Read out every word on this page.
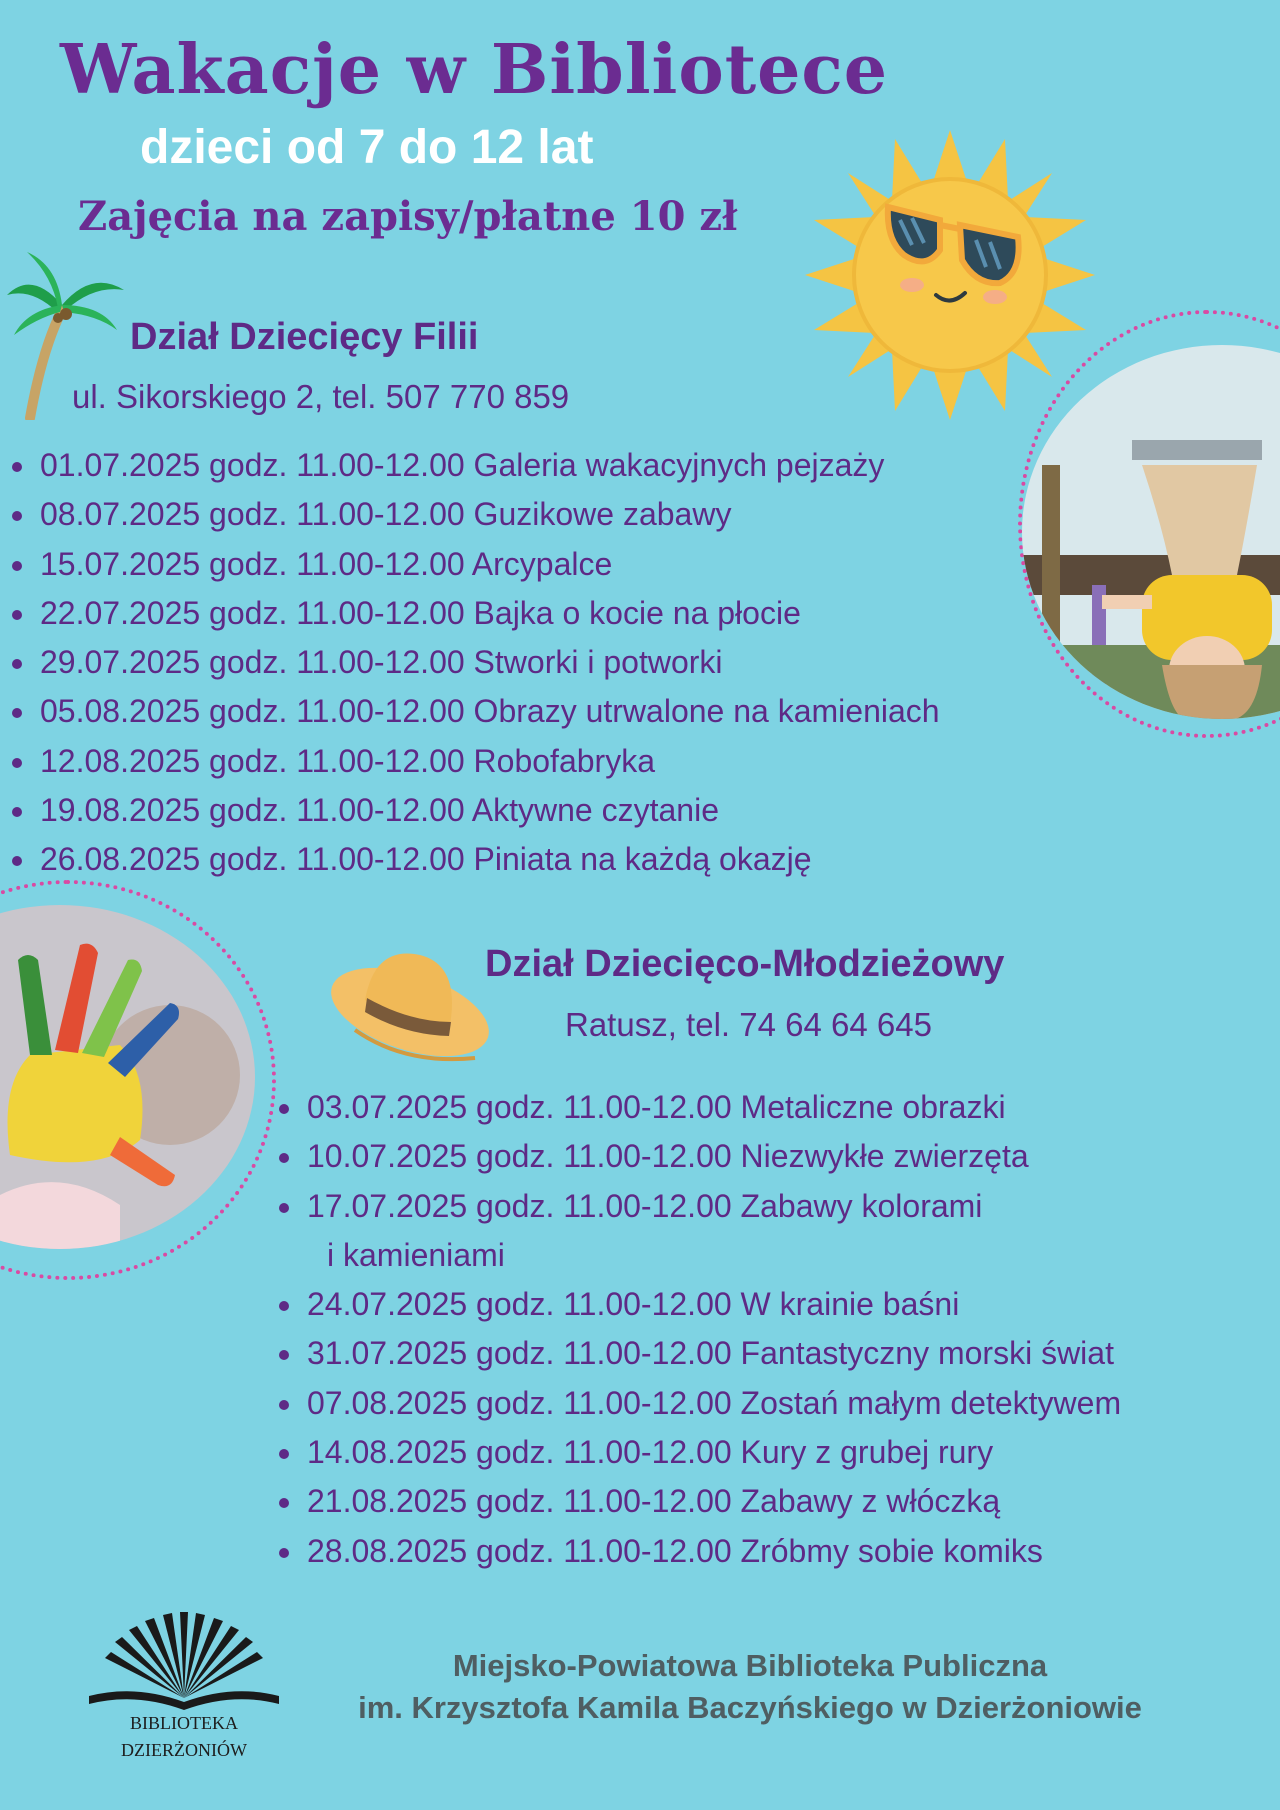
Wakacje w Bibliotece
dzieci od 7 do 12 lat
Zajęcia na zapisy/płatne 10 zł
Dział Dziecięcy Filii
ul. Sikorskiego 2, tel. 507 770 859
01.07.2025 godz. 11.00-12.00 Galeria wakacyjnych pejzaży
08.07.2025 godz. 11.00-12.00 Guzikowe zabawy
15.07.2025 godz. 11.00-12.00 Arcypalce
22.07.2025 godz. 11.00-12.00 Bajka o kocie na płocie
29.07.2025 godz. 11.00-12.00 Stworki i potworki
05.08.2025 godz. 11.00-12.00 Obrazy utrwalone na kamieniach
12.08.2025 godz. 11.00-12.00 Robofabryka
19.08.2025 godz. 11.00-12.00 Aktywne czytanie
26.08.2025 godz. 11.00-12.00 Piniata na każdą okazję
Dział Dziecięco-Młodzieżowy
Ratusz, tel. 74 64 64 645
03.07.2025 godz. 11.00-12.00 Metaliczne obrazki
10.07.2025 godz. 11.00-12.00 Niezwykłe zwierzęta
17.07.2025 godz. 11.00-12.00 Zabawy kolorami
i kamieniami
24.07.2025 godz. 11.00-12.00 W krainie baśni
31.07.2025 godz. 11.00-12.00 Fantastyczny morski świat
07.08.2025 godz. 11.00-12.00 Zostań małym detektywem
14.08.2025 godz. 11.00-12.00 Kury z grubej rury
21.08.2025 godz. 11.00-12.00 Zabawy z włóczką
28.08.2025 godz. 11.00-12.00 Zróbmy sobie komiks
BIBLIOTEKA
DZIERŻONIÓW
Miejsko-Powiatowa Biblioteka Publiczna
im. Krzysztofa Kamila Baczyńskiego w Dzierżoniowie
